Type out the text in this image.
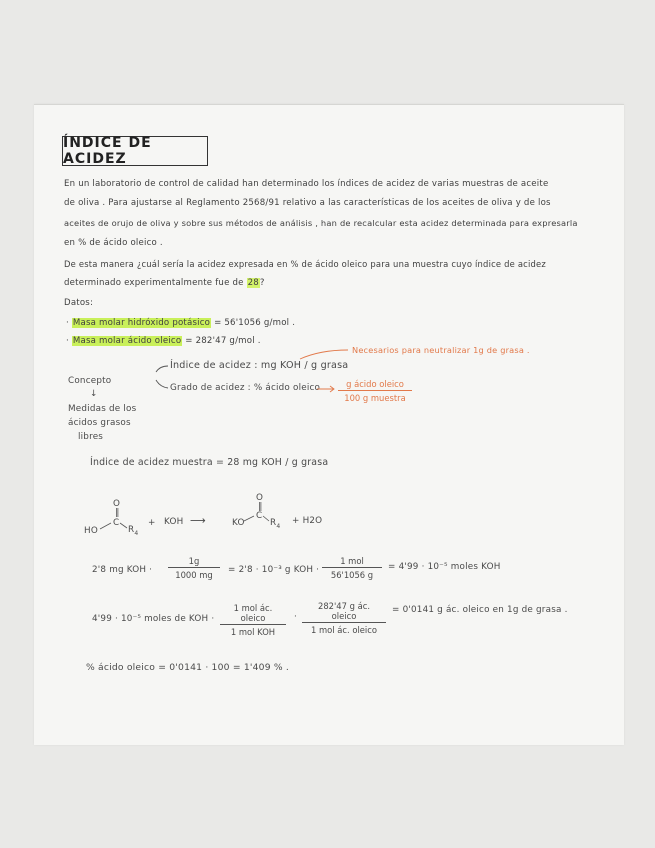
ÍNDICE DE ACIDEZ
En un laboratorio de control de calidad han determinado los índices de acidez de varias muestras de aceite
de oliva . Para ajustarse al Reglamento 2568/91 relativo a las características de los aceites de oliva y de los
aceites de orujo de oliva y sobre sus métodos de análisis , han de recalcular esta acidez determinada para expresarla
en % de ácido oleico .
De esta manera ¿cuál sería la acidez expresada en % de ácido oleico para una muestra cuyo índice de acidez
determinado experimentalmente fue de 28?
Datos:
· Masa molar hidróxido potásico = 56'1056 g/mol .
· Masa molar ácido oleico = 282'47 g/mol .
Concepto
↓
Medidas de los
ácidos grasos
libres
Índice de acidez : mg KOH / g grasa
Necesarios para neutralizar 1g de grasa .
Grado de acidez : % ácido oleico	g ácido oleico
100 g muestra
Índice de acidez muestra = 28 mg KOH / g grasa
O
‖
C
HO	$R_4$
+ KOH ⟶
O
‖
C
KO	$R_4$
+ H2O
2'8 mg KOH · $\frac{1g}{1000 mg} = 2'8 \cdot 10^{-3}$ g KOH ·
1 mol
56'1056 g
= 4'99 · 10⁻⁵ moles KOH
4'99 · 10⁻⁵ moles de KOH ·
1 mol ác. oleico
1 mol KOH
·
282'47 g ác. oleico
1 mol ác. oleico
= 0'0141 g ác. oleico en 1g de grasa .
% ácido oleico = 0'0141 · 100 = 1'409 % .
